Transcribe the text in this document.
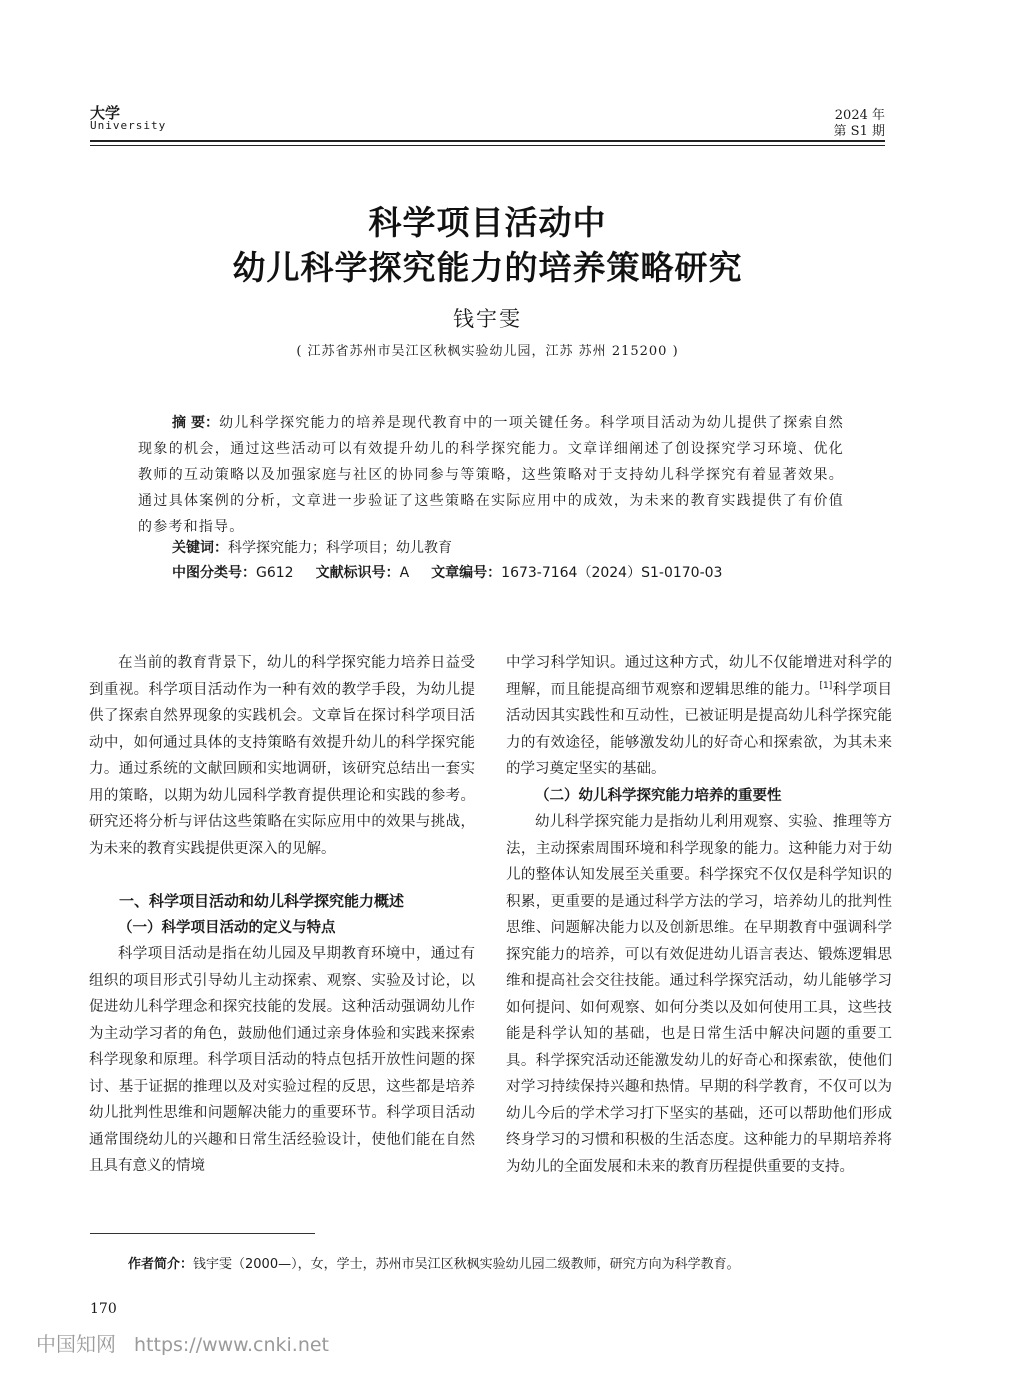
大学
University
2024 年
第 S1 期
科学项目活动中
幼儿科学探究能力的培养策略研究
钱宇雯
( 江苏省苏州市吴江区秋枫实验幼儿园，江苏 苏州 215200 )
摘 要：幼儿科学探究能力的培养是现代教育中的一项关键任务。科学项目活动为幼儿提供了探索自然现象的机会，通过这些活动可以有效提升幼儿的科学探究能力。文章详细阐述了创设探究学习环境、优化教师的互动策略以及加强家庭与社区的协同参与等策略，这些策略对于支持幼儿科学探究有着显著效果。通过具体案例的分析，文章进一步验证了这些策略在实际应用中的成效，为未来的教育实践提供了有价值的参考和指导。
关键词：科学探究能力；科学项目；幼儿教育
中图分类号：G612 文献标识号：A 文章编号：1673-7164（2024）S1-0170-03

在当前的教育背景下，幼儿的科学探究能力培养日益受到重视。科学项目活动作为一种有效的教学手段，为幼儿提供了探索自然界现象的实践机会。文章旨在探讨科学项目活动中，如何通过具体的支持策略有效提升幼儿的科学探究能力。通过系统的文献回顾和实地调研，该研究总结出一套实用的策略，以期为幼儿园科学教育提供理论和实践的参考。研究还将分析与评估这些策略在实际应用中的效果与挑战，为未来的教育实践提供更深入的见解。

一、科学项目活动和幼儿科学探究能力概述

（一）科学项目活动的定义与特点

科学项目活动是指在幼儿园及早期教育环境中，通过有组织的项目形式引导幼儿主动探索、观察、实验及讨论，以促进幼儿科学理念和探究技能的发展。这种活动强调幼儿作为主动学习者的角色，鼓励他们通过亲身体验和实践来探索科学现象和原理。科学项目活动的特点包括开放性问题的探讨、基于证据的推理以及对实验过程的反思，这些都是培养幼儿批判性思维和问题解决能力的重要环节。科学项目活动通常围绕幼儿的兴趣和日常生活经验设计，使他们能在自然且具有意义的情境

中学习科学知识。通过这种方式，幼儿不仅能增进对科学的理解，而且能提高细节观察和逻辑思维的能力。[1]科学项目活动因其实践性和互动性，已被证明是提高幼儿科学探究能力的有效途径，能够激发幼儿的好奇心和探索欲，为其未来的学习奠定坚实的基础。

（二）幼儿科学探究能力培养的重要性

幼儿科学探究能力是指幼儿利用观察、实验、推理等方法，主动探索周围环境和科学现象的能力。这种能力对于幼儿的整体认知发展至关重要。科学探究不仅仅是科学知识的积累，更重要的是通过科学方法的学习，培养幼儿的批判性思维、问题解决能力以及创新思维。在早期教育中强调科学探究能力的培养，可以有效促进幼儿语言表达、锻炼逻辑思维和提高社会交往技能。通过科学探究活动，幼儿能够学习如何提问、如何观察、如何分类以及如何使用工具，这些技能是科学认知的基础，也是日常生活中解决问题的重要工具。科学探究活动还能激发幼儿的好奇心和探索欲，使他们对学习持续保持兴趣和热情。早期的科学教育，不仅可以为幼儿今后的学术学习打下坚实的基础，还可以帮助他们形成终身学习的习惯和积极的生活态度。这种能力的早期培养将为幼儿的全面发展和未来的教育历程提供重要的支持。

作者简介：钱宇雯（2000—），女，学士，苏州市吴江区秋枫实验幼儿园二级教师，研究方向为科学教育。
170
中国知网 https://www.cnki.net
